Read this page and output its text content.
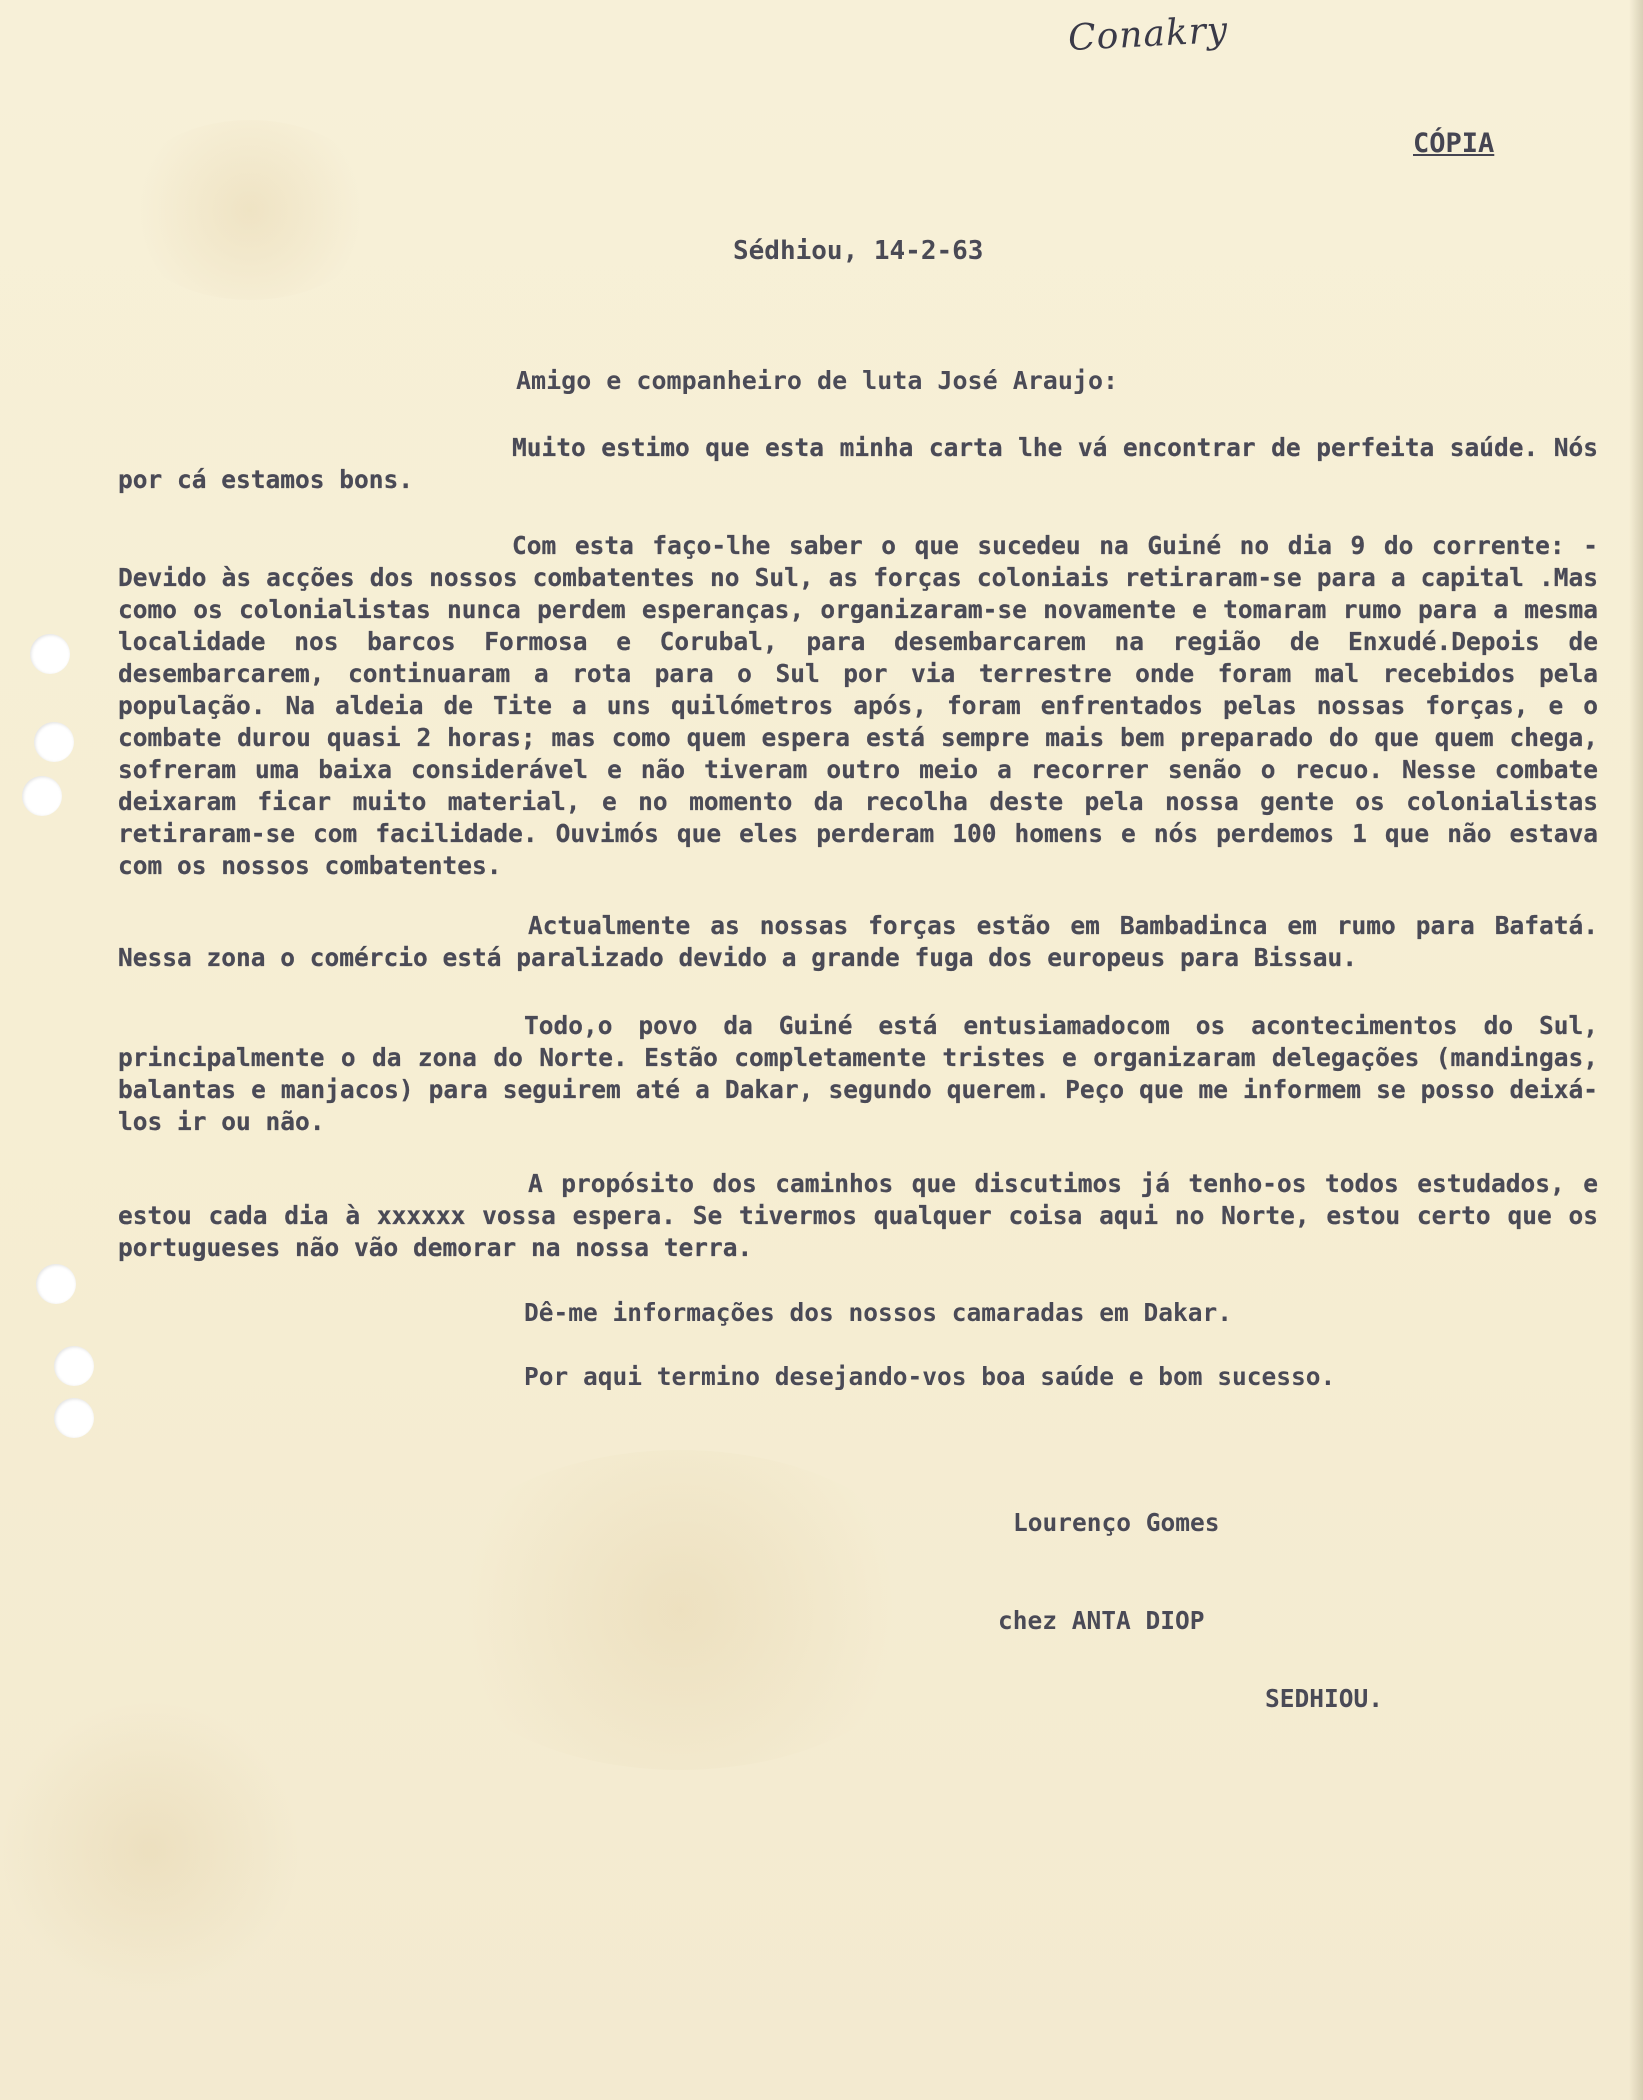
Conakry
CÓPIA
Sédhiou, 14-2-63
Amigo e companheiro de luta José Araujo:
Muito estimo que esta minha carta lhe vá encontrar de perfeita saúde. Nós por cá estamos bons.
Com esta faço-lhe saber o que sucedeu na Guiné no dia 9 do corrente: - Devido às acções dos nossos combatentes no Sul, as forças coloniais retiraram-se para a capital .Mas como os colonialistas nunca perdem esperanças, organizaram-se novamente e tomaram rumo para a mesma localidade nos barcos Formosa e Corubal, para desembarcarem na região de Enxudé.Depois de desembarcarem, continuaram a rota para o Sul por via terrestre onde foram mal recebidos pela população. Na aldeia de Tite a uns quilómetros após, foram enfrentados pelas nossas forças, e o combate durou quasi 2 horas; mas como quem espera está sempre mais bem preparado do que quem chega, sofreram uma baixa considerável e não tiveram outro meio a recorrer senão o recuo. Nesse combate deixaram ficar muito material, e no momento da recolha deste pela nossa gente os colonialistas retiraram-se com facilidade. Ouvimós que eles perderam 100 homens e nós perdemos 1 que não estava com os nossos combatentes.
Actualmente as nossas forças estão em Bambadinca em rumo para Bafatá. Nessa zona o comércio está paralizado devido a grande fuga dos europeus para Bissau.
Todo,o povo da Guiné está entusiamadocom os acontecimentos do Sul, principalmente o da zona do Norte. Estão completamente tristes e organizaram delegações (mandingas, balantas e manjacos) para seguirem até a Dakar, segundo querem. Peço que me informem se posso deixá-los ir ou não.
A propósito dos caminhos que discutimos já tenho-os todos estudados, e estou cada dia à xxxxxx vossa espera. Se tivermos qualquer coisa aqui no Norte, estou certo que os portugueses não vão demorar na nossa terra.
Dê-me informações dos nossos camaradas em Dakar.
Por aqui termino desejando-vos boa saúde e bom sucesso.
Lourenço Gomes
chez ANTA DIOP
SEDHIOU.
